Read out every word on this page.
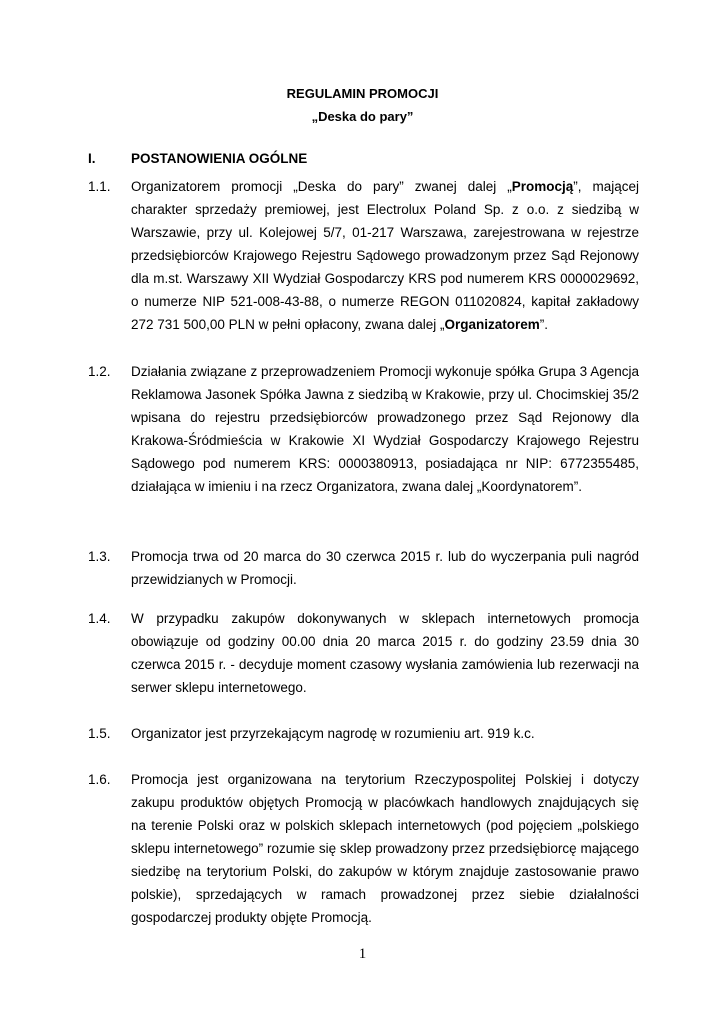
REGULAMIN PROMOCJI
„Deska do pary”
I.	POSTANOWIENIA OGÓLNE
1.1. Organizatorem promocji „Deska do pary” zwanej dalej „Promocją”, mającej charakter sprzedaży premiowej, jest Electrolux Poland Sp. z o.o. z siedzibą w Warszawie, przy ul. Kolejowej 5/7, 01-217 Warszawa, zarejestrowana w rejestrze przedsiębiorców Krajowego Rejestru Sądowego prowadzonym przez Sąd Rejonowy dla m.st. Warszawy XII Wydział Gospodarczy KRS pod numerem KRS 0000029692, o numerze NIP 521-008-43-88, o numerze REGON 011020824, kapitał zakładowy 272 731 500,00 PLN w pełni opłacony, zwana dalej „Organizatorem”.
1.2. Działania związane z przeprowadzeniem Promocji wykonuje spółka Grupa 3 Agencja Reklamowa Jasonek Spółka Jawna z siedzibą w Krakowie, przy ul. Chocimskiej 35/2 wpisana do rejestru przedsiębiorców prowadzonego przez Sąd Rejonowy dla Krakowa-Śródmieścia w Krakowie XI Wydział Gospodarczy Krajowego Rejestru Sądowego pod numerem KRS: 0000380913, posiadająca nr NIP: 6772355485, działająca w imieniu i na rzecz Organizatora, zwana dalej „Koordynatorem”.
1.3. Promocja trwa od 20 marca do 30 czerwca 2015 r. lub do wyczerpania puli nagród przewidzianych w Promocji.
1.4. W przypadku zakupów dokonywanych w sklepach internetowych promocja obowiązuje od godziny 00.00 dnia 20 marca 2015 r. do godziny 23.59 dnia 30 czerwca 2015 r. - decyduje moment czasowy wysłania zamówienia lub rezerwacji na serwer sklepu internetowego.
1.5. Organizator jest przyrzekającym nagrodę w rozumieniu art. 919 k.c.
1.6. Promocja jest organizowana na terytorium Rzeczypospolitej Polskiej i dotyczy zakupu produktów objętych Promocją w placówkach handlowych znajdujących się na terenie Polski oraz w polskich sklepach internetowych (pod pojęciem „polskiego sklepu internetowego” rozumie się sklep prowadzony przez przedsiębiorcę mającego siedzibę na terytorium Polski, do zakupów w którym znajduje zastosowanie prawo polskie), sprzedających w ramach prowadzonej przez siebie działalności gospodarczej produkty objęte Promocją.
1
